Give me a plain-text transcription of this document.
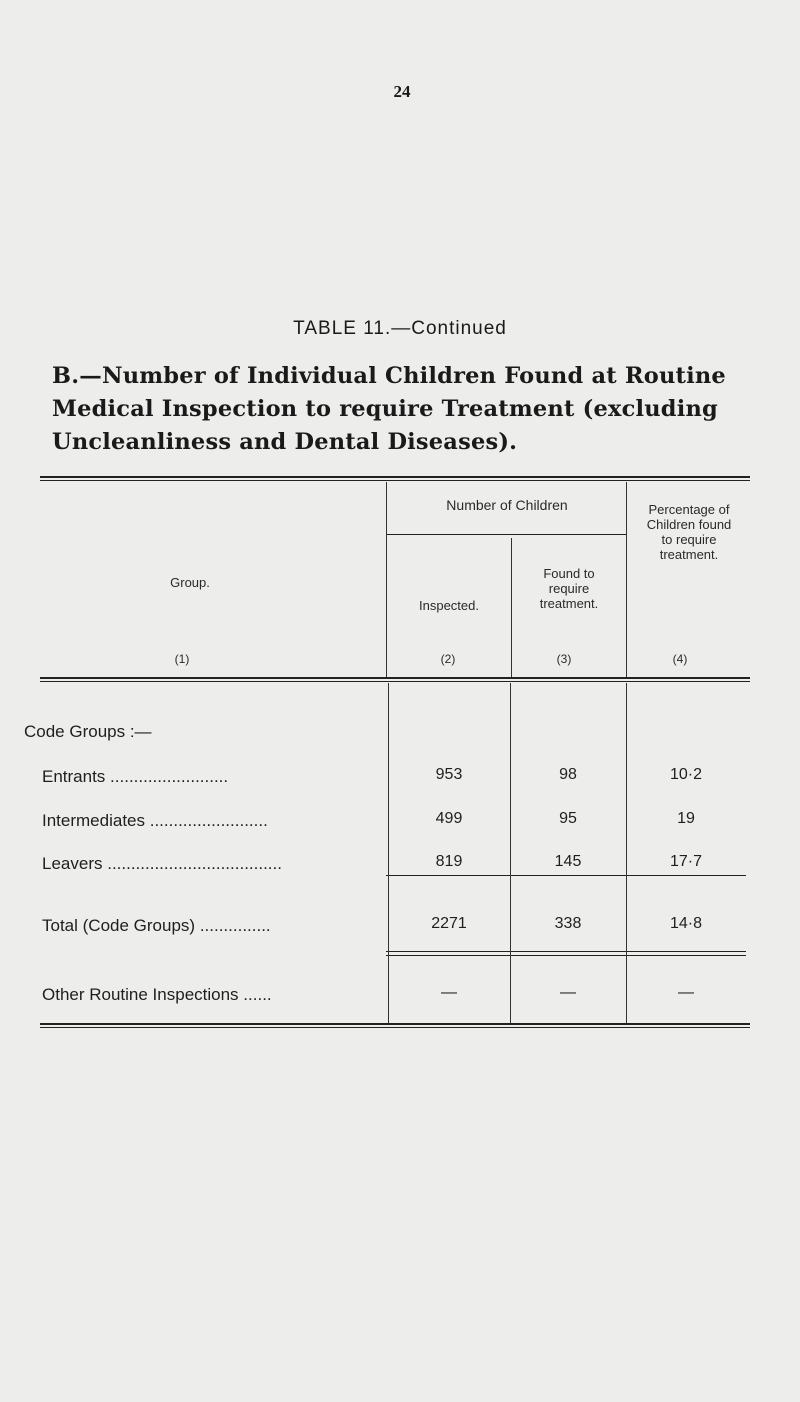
24
TABLE 11.—Continued
B.—Number of Individual Children Found at Routine Medical Inspection to require Treatment (excluding Uncleanliness and Dental Diseases).
Group.
Number of Children
Inspected.
Found to require treatment.
Percentage of Children found to require treatment.
(1)	(2)	(3)	(4)
Code Groups :—
Entrants .........................	953	98	10·2
Intermediates .........................	499	95	19
Leavers .....................................	819	145	17·7
Total (Code Groups) ...............	2271	338	14·8
Other Routine Inspections ......	—	—	—
